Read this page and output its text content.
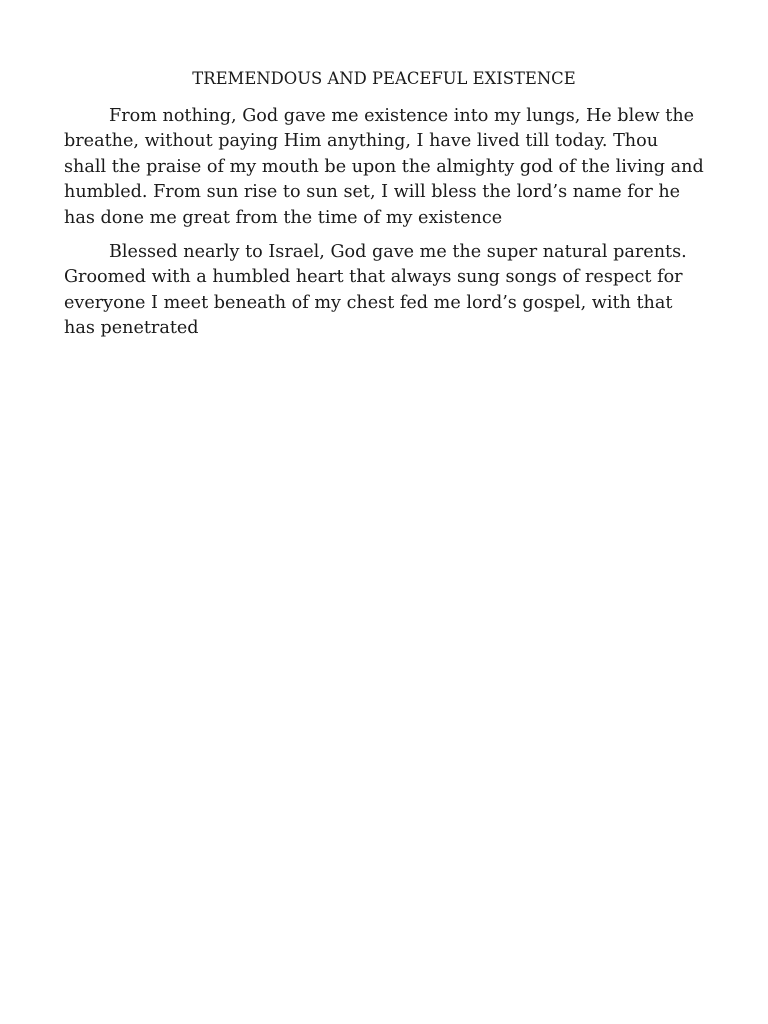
TREMENDOUS AND PEACEFUL EXISTENCE

From nothing, God gave me existence into my lungs, He blew the breathe, without paying Him anything, I have lived till today. Thou shall the praise of my mouth be upon the almighty god of the living and humbled. From sun rise to sun set, I will bless the lord’s name for he has done me great from the time of my existence

Blessed nearly to Israel, God gave me the super natural parents. Groomed with a humbled heart that always sung songs of respect for everyone I meet beneath of my chest fed me lord’s gospel, with that has penetrated
